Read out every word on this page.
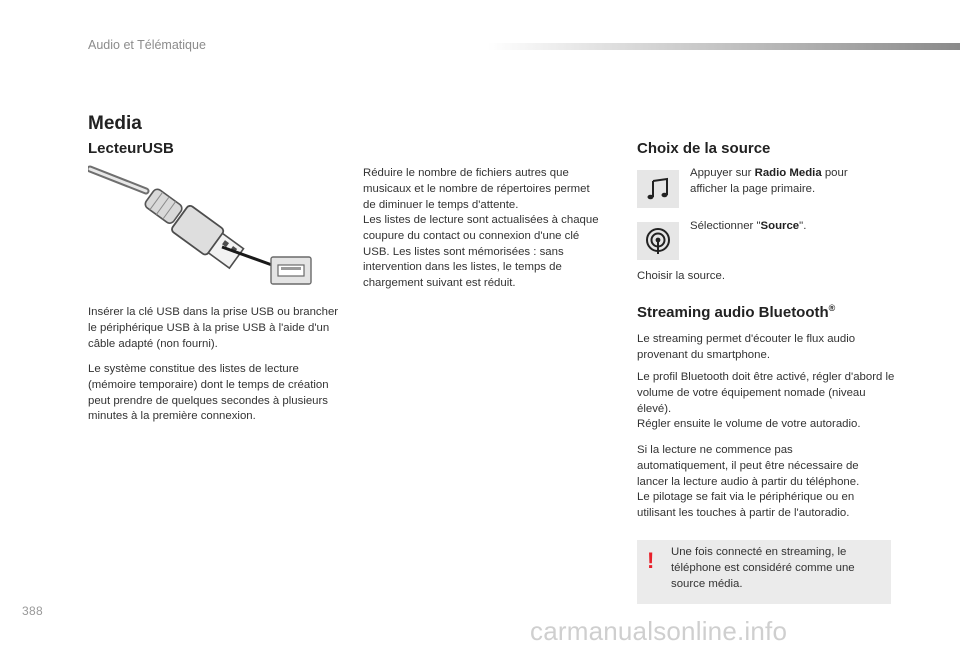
Audio et Télématique
Media
LecteurUSB
Insérer la clé USB dans la prise USB ou brancher le périphérique USB à la prise USB à l'aide d'un câble adapté (non fourni).
Le système constitue des listes de lecture (mémoire temporaire) dont le temps de création peut prendre de quelques secondes à plusieurs minutes à la première connexion.
Réduire le nombre de fichiers autres que musicaux et le nombre de répertoires permet de diminuer le temps d'attente.
Les listes de lecture sont actualisées à chaque coupure du contact ou connexion d'une clé USB. Les listes sont mémorisées : sans intervention dans les listes, le temps de chargement suivant est réduit.
Choix de la source
Appuyer sur Radio Media pour afficher la page primaire.
Sélectionner "Source".
Choisir la source.
Streaming audio Bluetooth®
Le streaming permet d'écouter le flux audio provenant du smartphone.
Le profil Bluetooth doit être activé, régler d'abord le volume de votre équipement nomade (niveau élevé).
Régler ensuite le volume de votre autoradio.
Si la lecture ne commence pas automatiquement, il peut être nécessaire de lancer la lecture audio à partir du téléphone.
Le pilotage se fait via le périphérique ou en utilisant les touches à partir de l'autoradio.
! Une fois connecté en streaming, le téléphone est considéré comme une source média.
388
carmanualsonline.info
